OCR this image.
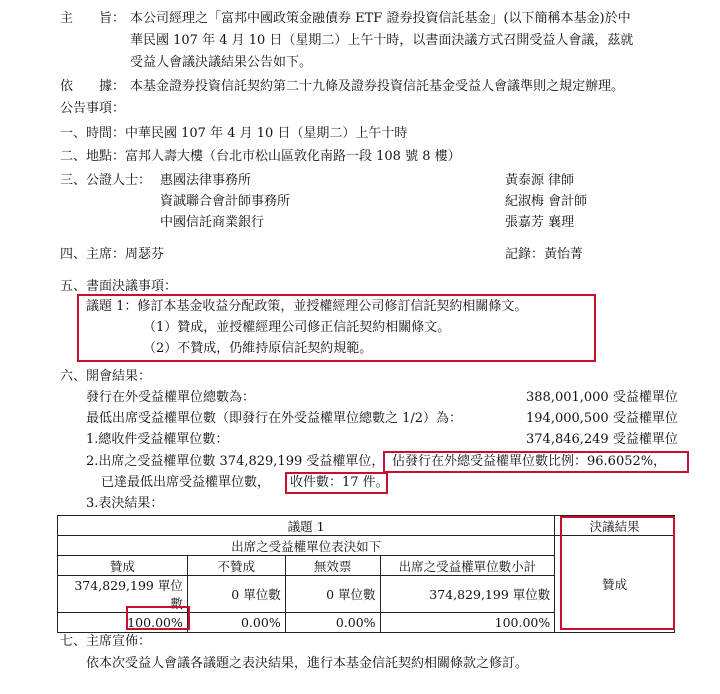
主　　旨： 本公司經理之「富邦中國政策金融債券 ETF 證券投資信託基金」(以下簡稱本基金)於中
華民國 107 年 4 月 10 日（星期二）上午十時，以書面決議方式召開受益人會議，茲就
受益人會議決議結果公告如下。
依　　據： 本基金證券投資信託契約第二十九條及證券投資信託基金受益人會議準則之規定辦理。
公告事項：
一、時間：中華民國 107 年 4 月 10 日（星期二）上午十時
二、地點：富邦人壽大樓（台北市松山區敦化南路一段 108 號 8 樓）
三、公證人士： 惠國法律事務所	黃泰源 律師
資誠聯合會計師事務所	紀淑梅 會計師
中國信託商業銀行	張嘉芳 襄理
四、主席：周瑟芬	記錄：黃怡菁
五、書面決議事項：
議題 1：修訂本基金收益分配政策，並授權經理公司修訂信託契約相關條文。
（1）贊成，並授權經理公司修正信託契約相關條文。
（2）不贊成，仍維持原信託契約規範。
六、開會結果：
發行在外受益權單位總數為：	388,001,000 受益權單位
最低出席受益權單位數（即發行在外受益權單位總數之 1/2）為：	194,000,500 受益權單位
1.總收件受益權單位數：	374,846,249 受益權單位
2.出席之受益權單位數 374,829,199 受益權單位， 佔發行在外總受益權單位數比例：96.6052%，
已達最低出席受益權單位數， 收件數：17 件。
3.表決結果：
議題 1				決議結果
出席之受益權單位表決如下				贊成
贊成	不贊成	無效票	出席之受益權單位數小計	
374,829,199 單位數	0 單位數	0 單位數	374,829,199 單位數	
100.00%	0.00%	0.00%	100.00%	
七、主席宣佈：
依本次受益人會議各議題之表決結果，進行本基金信託契約相關條款之修訂。
